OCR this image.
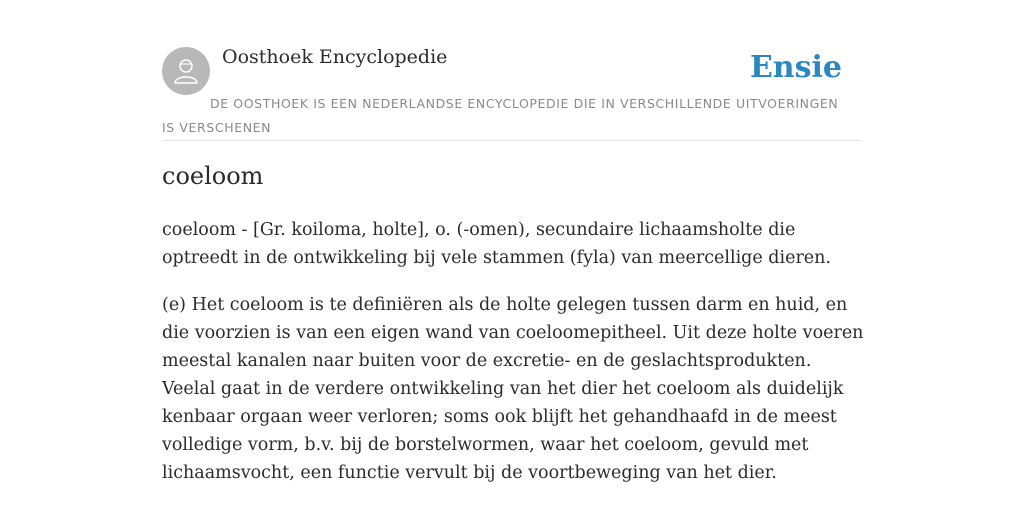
Oosthoek Encyclopedie	Ensie
DE OOSTHOEK IS EEN NEDERLANDSE ENCYCLOPEDIE DIE IN VERSCHILLENDE UITVOERINGEN IS VERSCHENEN
coeloom

coeloom - [Gr. koiloma, holte], o. (-omen), secundaire lichaamsholte die optreedt in de ontwikkeling bij vele stammen (fyla) van meercellige dieren.

(e) Het coeloom is te definiëren als de holte gelegen tussen darm en huid, en die voorzien is van een eigen wand van coeloomepitheel. Uit deze holte voeren meestal kanalen naar buiten voor de excretie- en de geslachtsprodukten. Veelal gaat in de verdere ontwikkeling van het dier het coeloom als duidelijk kenbaar orgaan weer verloren; soms ook blijft het gehandhaafd in de meest volledige vorm, b.v. bij de borstelwormen, waar het coeloom, gevuld met lichaamsvocht, een functie vervult bij de voortbeweging van het dier.
